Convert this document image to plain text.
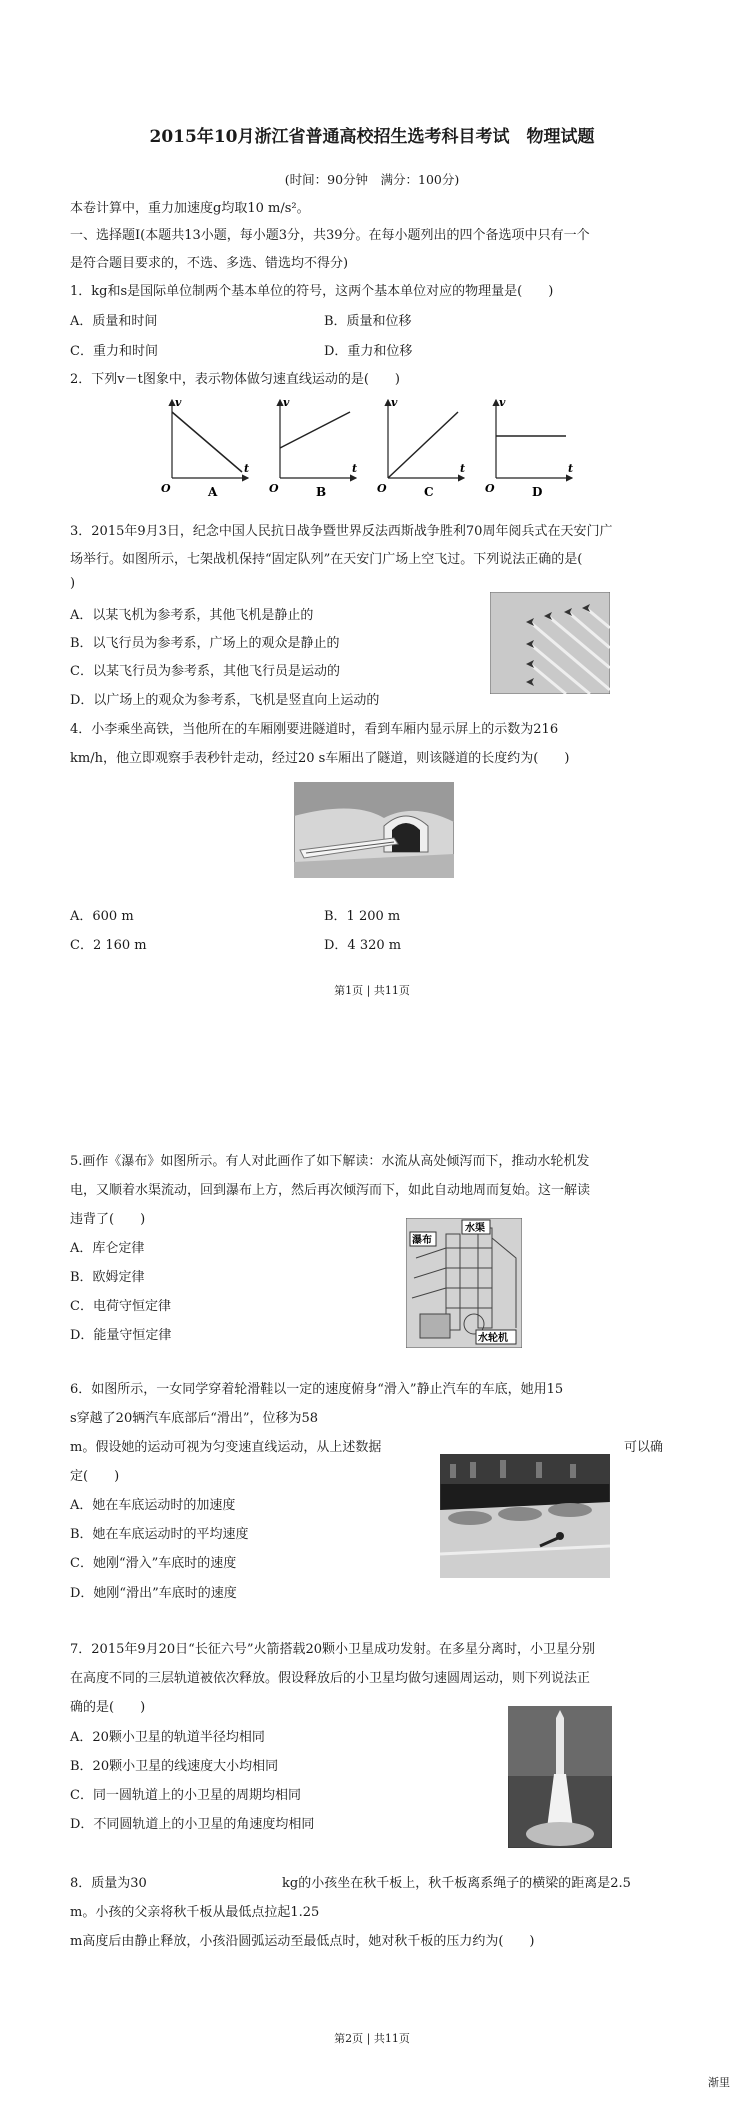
2015年10月浙江省普通高校招生选考科目考试　物理试题
(时间：90分钟　满分：100分)
本卷计算中，重力加速度g均取10 m/s²。
一、选择题Ⅰ(本题共13小题，每小题3分，共39分。在每小题列出的四个备选项中只有一个
是符合题目要求的，不选、多选、错选均不得分)
1．kg和s是国际单位制两个基本单位的符号，这两个基本单位对应的物理量是(　　)
A．质量和时间	B．质量和位移
C．重力和时间	D．重力和位移
2．下列v－t图象中，表示物体做匀速直线运动的是(　　)
v
t
O	A
v
t
O	B
v
t
O	C
v
t
O	D
3．2015年9月3日，纪念中国人民抗日战争暨世界反法西斯战争胜利70周年阅兵式在天安门广
场举行。如图所示，七架战机保持“固定队列”在天安门广场上空飞过。下列说法正确的是(
)
A．以某飞机为参考系，其他飞机是静止的
B．以飞行员为参考系，广场上的观众是静止的
C．以某飞行员为参考系，其他飞行员是运动的
D．以广场上的观众为参考系，飞机是竖直向上运动的
4．小李乘坐高铁，当他所在的车厢刚要进隧道时，看到车厢内显示屏上的示数为216
km/h，他立即观察手表秒针走动，经过20 s车厢出了隧道，则该隧道的长度约为(　　)
A．600 m	B．1 200 m
C．2 160 m	D．4 320 m
第1页 | 共11页
5.画作《瀑布》如图所示。有人对此画作了如下解读：水流从高处倾泻而下，推动水轮机发
电，又顺着水渠流动，回到瀑布上方，然后再次倾泻而下，如此自动地周而复始。这一解读
违背了(　　)
A．库仑定律
B．欧姆定律
C．电荷守恒定律
D．能量守恒定律
瀑布
水渠
水轮机
6．如图所示，一女同学穿着轮滑鞋以一定的速度俯身“滑入”静止汽车的车底，她用15
s穿越了20辆汽车底部后“滑出”，位移为58
m。假设她的运动可视为匀变速直线运动，从上述数据	可以确
定(　　)
A．她在车底运动时的加速度
B．她在车底运动时的平均速度
C．她刚“滑入”车底时的速度
D．她刚“滑出”车底时的速度
7．2015年9月20日“长征六号”火箭搭载20颗小卫星成功发射。在多星分离时，小卫星分别
在高度不同的三层轨道被依次释放。假设释放后的小卫星均做匀速圆周运动，则下列说法正
确的是(　　)
A．20颗小卫星的轨道半径均相同
B．20颗小卫星的线速度大小均相同
C．同一圆轨道上的小卫星的周期均相同
D．不同圆轨道上的小卫星的角速度均相同
8．质量为30	kg的小孩坐在秋千板上，秋千板离系绳子的横梁的距离是2.5
m。小孩的父亲将秋千板从最低点拉起1.25
m高度后由静止释放，小孩沿圆弧运动至最低点时，她对秋千板的压力约为(　　)
第2页 | 共11页
渐里
